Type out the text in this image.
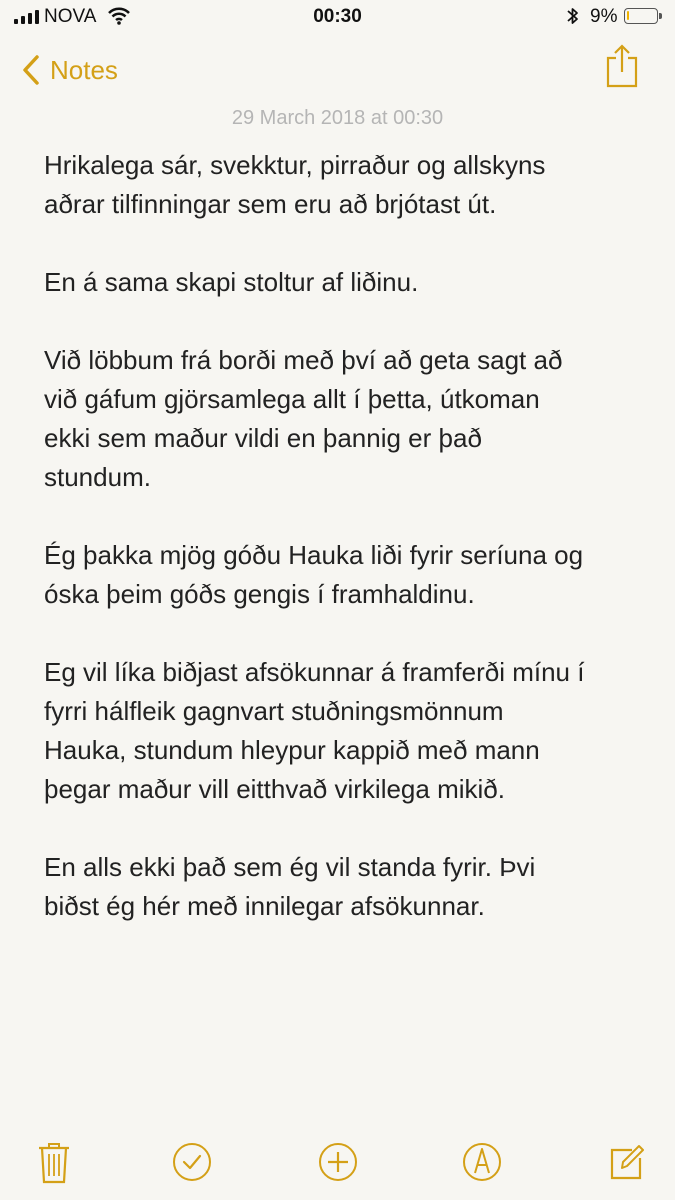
NOVA	00:30	9%
Notes
29 March 2018 at 00:30

Hrikalega sár, svekktur, pirraður og allskyns
aðrar tilfinningar sem eru að brjótast út.

En á sama skapi stoltur af liðinu.

Við löbbum frá borði með því að geta sagt að
við gáfum gjörsamlega allt í þetta, útkoman
ekki sem maður vildi en þannig er það
stundum.

Ég þakka mjög góðu Hauka liði fyrir seríuna og
óska þeim góðs gengis í framhaldinu.

Eg vil líka biðjast afsökunnar á framferði mínu í
fyrri hálfleik gagnvart stuðningsmönnum
Hauka, stundum hleypur kappið með mann
þegar maður vill eitthvað virkilega mikið.

En alls ekki það sem ég vil standa fyrir. Þvi
biðst ég hér með innilegar afsökunnar.
